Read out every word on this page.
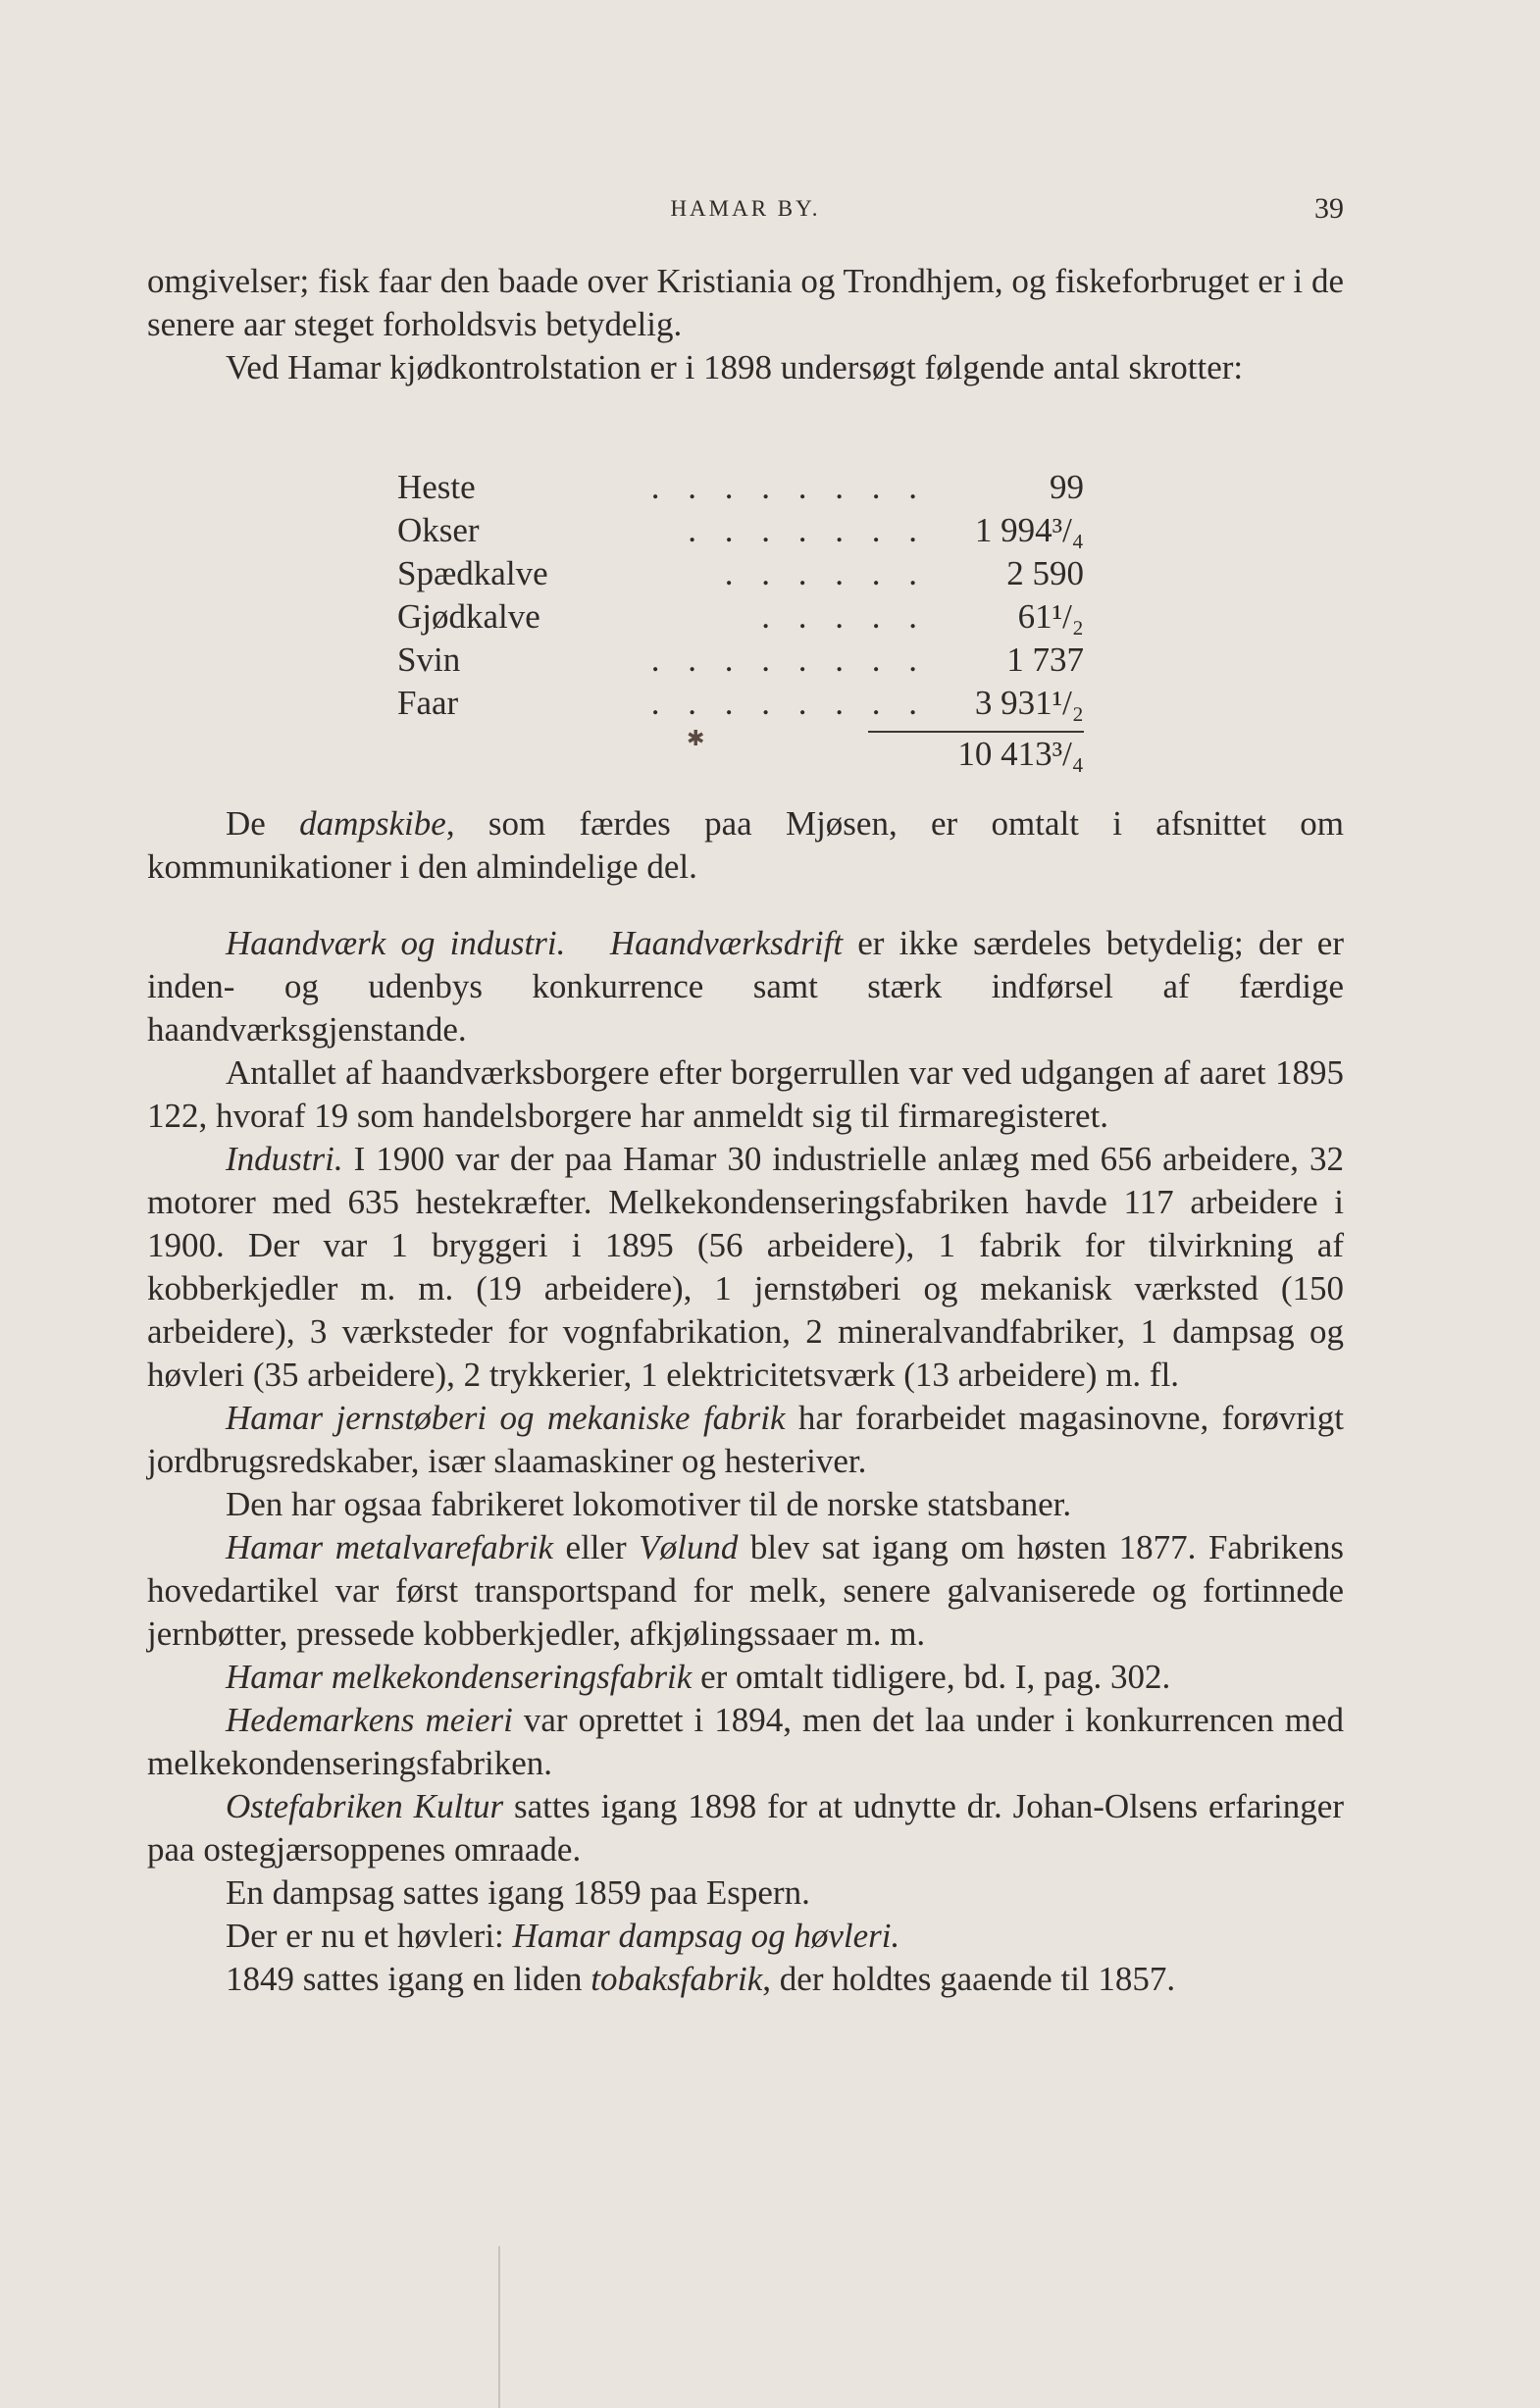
HAMAR BY.	39

omgivelser; fisk faar den baade over Kristiania og Trondhjem, og fiskeforbruget er i de senere aar steget forholdsvis betydelig.

Ved Hamar kjødkontrolstation er i 1898 undersøgt følgende antal skrotter:

Heste	. . . . . . . .	99
Okser	. . . . . . . 1 994³/₄
Spædkalve	. . . . . . 2 590
Gjødkalve	. . . . .	61¹/₂
Svin	. . . . . . . . 1 737
Faar	. . . . . . . . 3 931¹/₂
10 413³/₄
✱

De dampskibe, som færdes paa Mjøsen, er omtalt i afsnittet om kommunikationer i den almindelige del.

Haandværk og industri. Haandværksdrift er ikke særdeles betydelig; der er inden- og udenbys konkurrence samt stærk indførsel af færdige haandværksgjenstande.

Antallet af haandværksborgere efter borgerrullen var ved udgangen af aaret 1895 122, hvoraf 19 som handelsborgere har anmeldt sig til firmaregisteret.

Industri. I 1900 var der paa Hamar 30 industrielle anlæg med 656 arbeidere, 32 motorer med 635 hestekræfter. Melkekondenseringsfabriken havde 117 arbeidere i 1900. Der var 1 bryggeri i 1895 (56 arbeidere), 1 fabrik for tilvirkning af kobberkjedler m. m. (19 arbeidere), 1 jernstøberi og mekanisk værksted (150 arbeidere), 3 værksteder for vognfabrikation, 2 mineralvandfabriker, 1 dampsag og høvleri (35 arbeidere), 2 trykkerier, 1 elektricitetsværk (13 arbeidere) m. fl.

Hamar jernstøberi og mekaniske fabrik har forarbeidet magasinovne, forøvrigt jordbrugsredskaber, især slaamaskiner og hesteriver.

Den har ogsaa fabrikeret lokomotiver til de norske statsbaner.

Hamar metalvarefabrik eller Vølund blev sat igang om høsten 1877. Fabrikens hovedartikel var først transportspand for melk, senere galvaniserede og fortinnede jernbøtter, pressede kobberkjedler, afkjølingssaaer m. m.

Hamar melkekondenseringsfabrik er omtalt tidligere, bd. I, pag. 302.

Hedemarkens meieri var oprettet i 1894, men det laa under i konkurrencen med melkekondenseringsfabriken.

Ostefabriken Kultur sattes igang 1898 for at udnytte dr. Johan-Olsens erfaringer paa ostegjærsoppenes omraade.

En dampsag sattes igang 1859 paa Espern.

Der er nu et høvleri: Hamar dampsag og høvleri.

1849 sattes igang en liden tobaksfabrik, der holdtes gaaende til 1857.
